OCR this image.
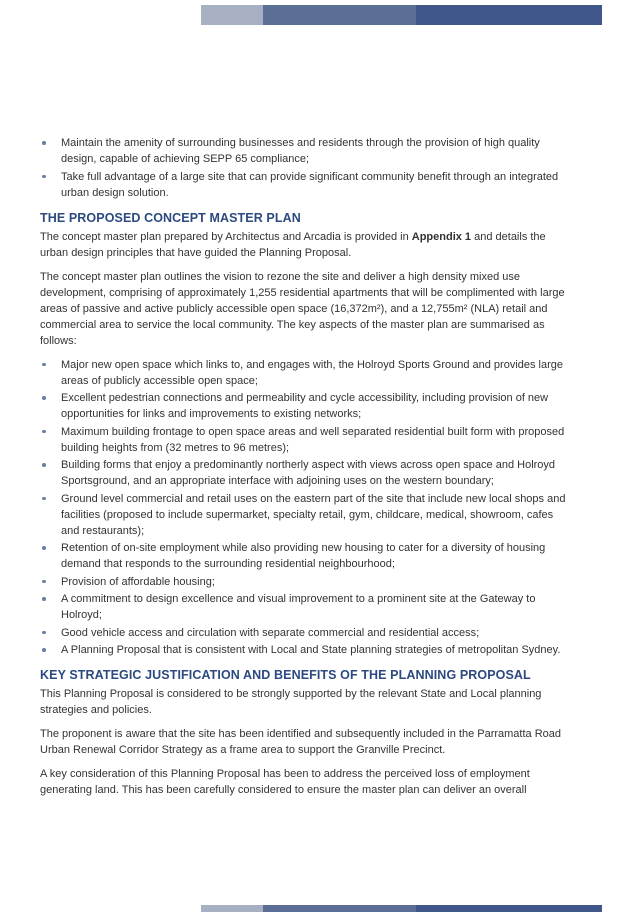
Maintain the amenity of surrounding businesses and residents through the provision of high quality design, capable of achieving SEPP 65 compliance;
Take full advantage of a large site that can provide significant community benefit through an integrated urban design solution.
THE PROPOSED CONCEPT MASTER PLAN

The concept master plan prepared by Architectus and Arcadia is provided in Appendix 1 and details the urban design principles that have guided the Planning Proposal.

The concept master plan outlines the vision to rezone the site and deliver a high density mixed use development, comprising of approximately 1,255 residential apartments that will be complimented with large areas of passive and active publicly accessible open space (16,372m²), and a 12,755m² (NLA) retail and commercial area to service the local community. The key aspects of the master plan are summarised as follows:

Major new open space which links to, and engages with, the Holroyd Sports Ground and provides large areas of publicly accessible open space;
Excellent pedestrian connections and permeability and cycle accessibility, including provision of new opportunities for links and improvements to existing networks;
Maximum building frontage to open space areas and well separated residential built form with proposed building heights from (32 metres to 96 metres);
Building forms that enjoy a predominantly northerly aspect with views across open space and Holroyd Sportsground, and an appropriate interface with adjoining uses on the western boundary;
Ground level commercial and retail uses on the eastern part of the site that include new local shops and facilities (proposed to include supermarket, specialty retail, gym, childcare, medical, showroom, cafes and restaurants);
Retention of on-site employment while also providing new housing to cater for a diversity of housing demand that responds to the surrounding residential neighbourhood;
Provision of affordable housing;
A commitment to design excellence and visual improvement to a prominent site at the Gateway to Holroyd;
Good vehicle access and circulation with separate commercial and residential access;
A Planning Proposal that is consistent with Local and State planning strategies of metropolitan Sydney.
KEY STRATEGIC JUSTIFICATION AND BENEFITS OF THE PLANNING PROPOSAL

This Planning Proposal is considered to be strongly supported by the relevant State and Local planning strategies and policies.

The proponent is aware that the site has been identified and subsequently included in the Parramatta Road Urban Renewal Corridor Strategy as a frame area to support the Granville Precinct.

A key consideration of this Planning Proposal has been to address the perceived loss of employment generating land. This has been carefully considered to ensure the master plan can deliver an overall
